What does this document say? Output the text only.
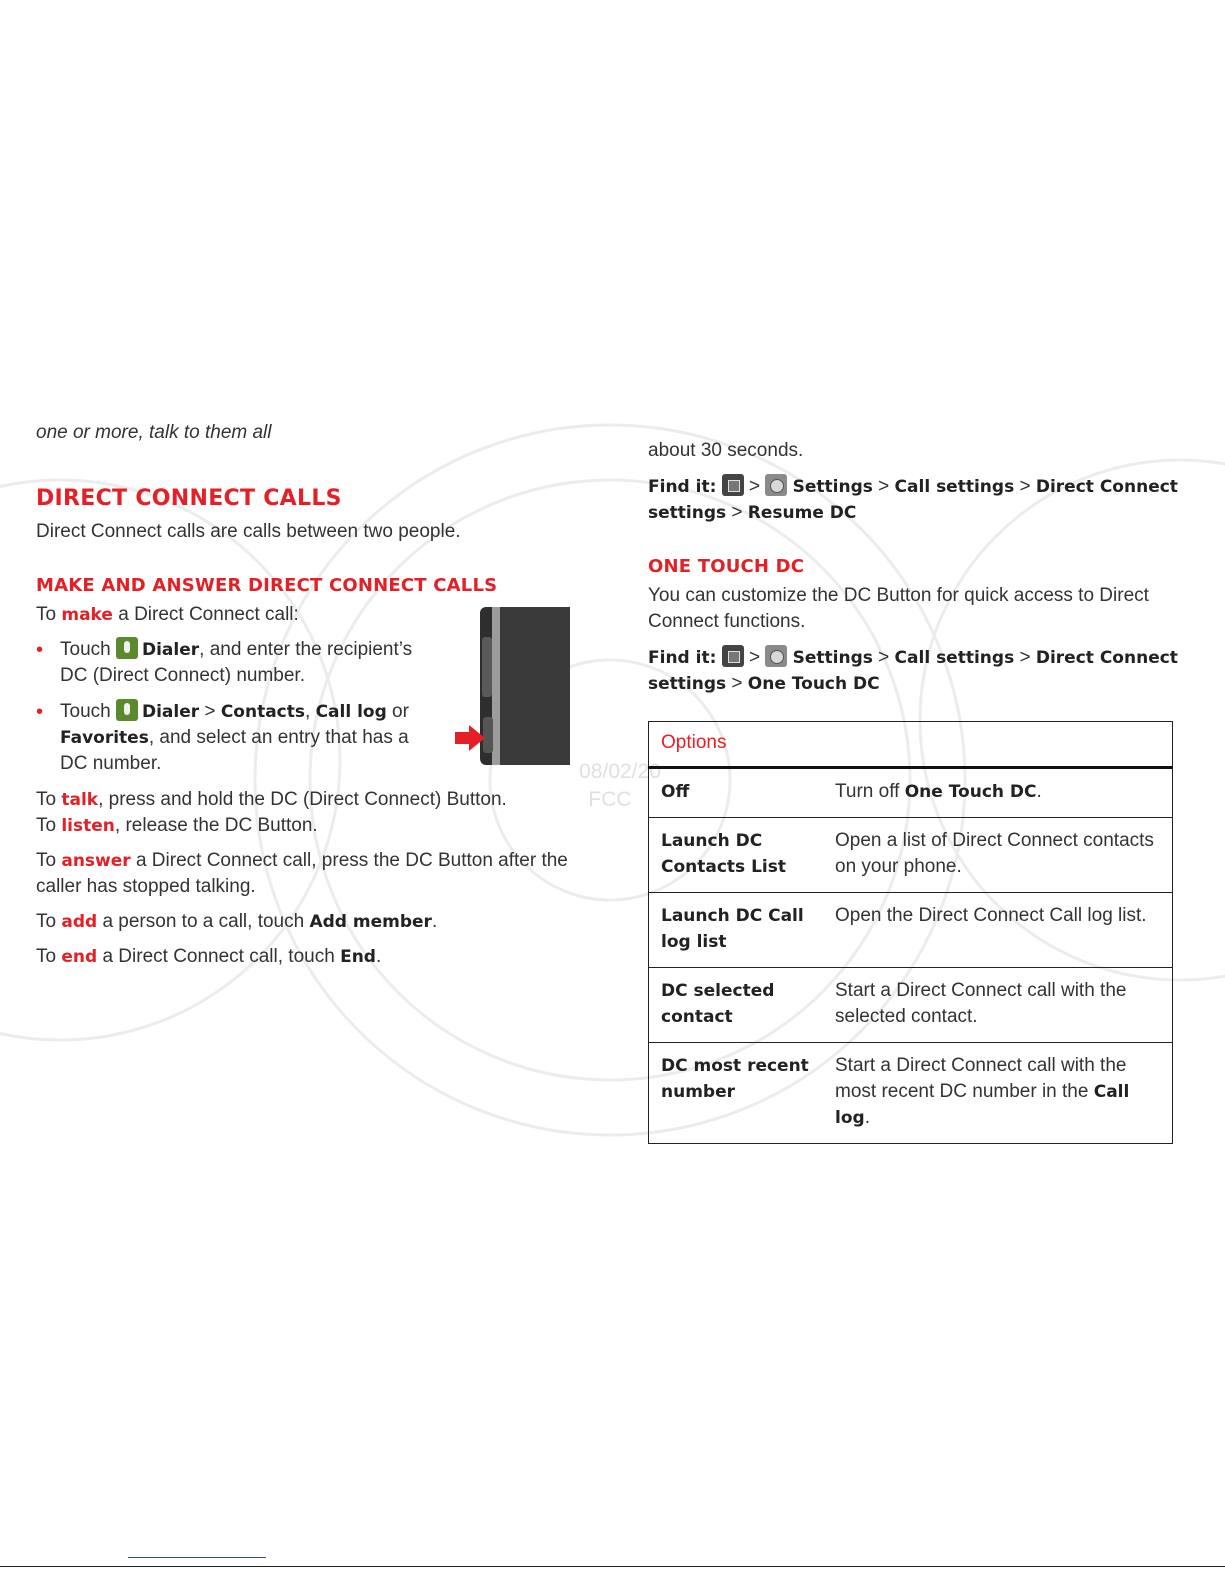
08/02/20
FCC

one or more, talk to them all

DIRECT CONNECT CALLS

Direct Connect calls are calls between two people.

MAKE AND ANSWER DIRECT CONNECT CALLS

To make a Direct Connect call:

• Touch Dialer, and enter the recipient’s DC (Direct Connect) number.
• Touch Dialer > Contacts, Call log or Favorites, and select an entry that has a DC number.

To talk, press and hold the DC (Direct Connect) Button.
To listen, release the DC Button.

To answer a Direct Connect call, press the DC Button after the caller has stopped talking.

To add a person to a call, touch Add member.

To end a Direct Connect call, touch End.

about 30 seconds.

Find it: > Settings > Call settings > Direct Connect settings > Resume DC

ONE TOUCH DC

You can customize the DC Button for quick access to Direct Connect functions.

Find it: > Settings > Call settings > Direct Connect settings > One Touch DC

Options	
Off	Turn off One Touch DC.
Launch DC Contacts List	Open a list of Direct Connect contacts on your phone.
Launch DC Call log list	Open the Direct Connect Call log list.
DC selected contact	Start a Direct Connect call with the selected contact.
DC most recent number	Start a Direct Connect call with the most recent DC number in the Call log.
